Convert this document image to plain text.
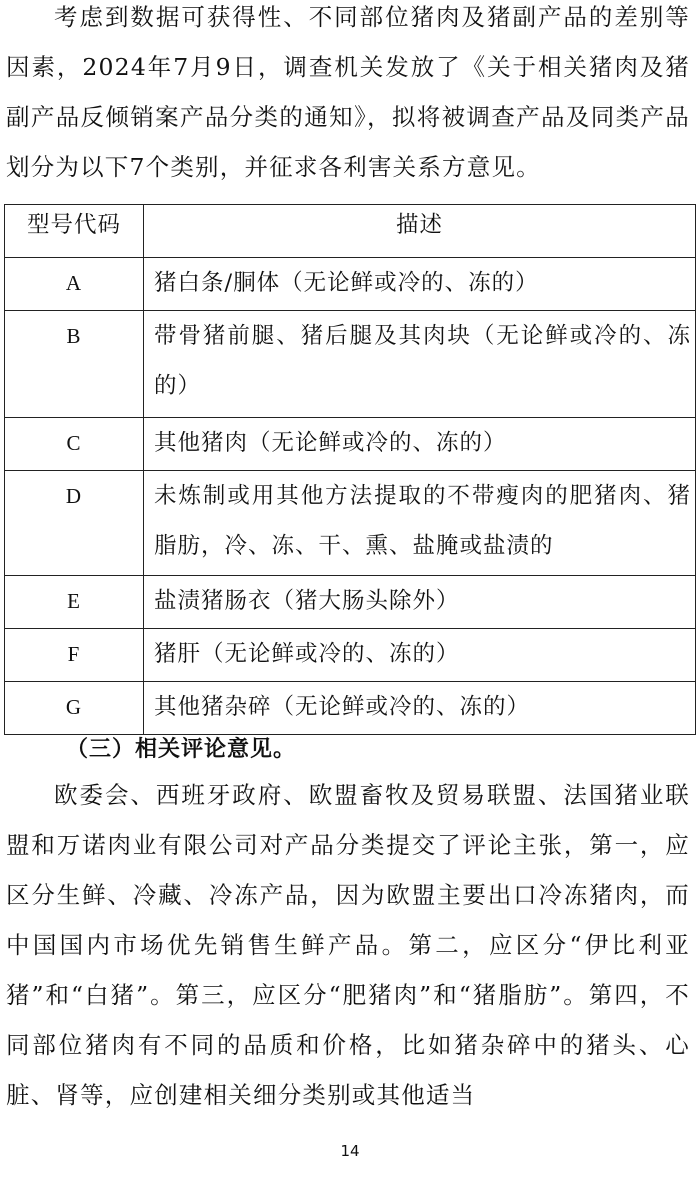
考虑到数据可获得性、不同部位猪肉及猪副产品的差别等因素，2024年7月9日，调查机关发放了《关于相关猪肉及猪副产品反倾销案产品分类的通知》，拟将被调查产品及同类产品划分为以下7个类别，并征求各利害关系方意见。

型号代码	描述
A	猪白条/胴体（无论鲜或冷的、冻的）
B	带骨猪前腿、猪后腿及其肉块（无论鲜或冷的、冻的）
C	其他猪肉（无论鲜或冷的、冻的）
D	未炼制或用其他方法提取的不带瘦肉的肥猪肉、猪脂肪，冷、冻、干、熏、盐腌或盐渍的
E	盐渍猪肠衣（猪大肠头除外）
F	猪肝（无论鲜或冷的、冻的）
G	其他猪杂碎（无论鲜或冷的、冻的）
（三）相关评论意见。

欧委会、西班牙政府、欧盟畜牧及贸易联盟、法国猪业联盟和万诺肉业有限公司对产品分类提交了评论主张，第一，应区分生鲜、冷藏、冷冻产品，因为欧盟主要出口冷冻猪肉，而中国国内市场优先销售生鲜产品。第二，应区分“伊比利亚猪”和“白猪”。第三，应区分“肥猪肉”和“猪脂肪”。第四，不同部位猪肉有不同的品质和价格，比如猪杂碎中的猪头、心脏、肾等，应创建相关细分类别或其他适当

14
